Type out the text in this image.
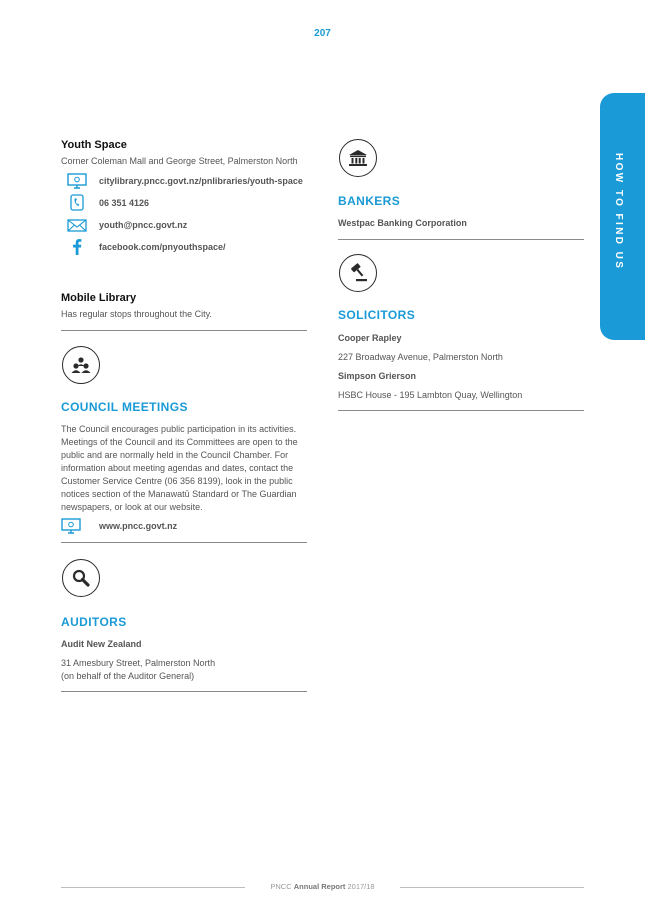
207
HOW TO FIND US
Youth Space
Corner Coleman Mall and George Street, Palmerston North
citylibrary.pncc.govt.nz/pnlibraries/youth-space
06 351 4126
youth@pncc.govt.nz
facebook.com/pnyouthspace/
Mobile Library
Has regular stops throughout the City.
COUNCIL MEETINGS
The Council encourages public participation in its activities.
Meetings of the Council and its Committees are open to the
public and are normally held in the Council Chamber. For
information about meeting agendas and dates, contact the
Customer Service Centre (06 356 8199), look in the public
notices section of the Manawatū Standard or The Guardian
newspapers, or look at our website.
www.pncc.govt.nz
AUDITORS
Audit New Zealand
31 Amesbury Street, Palmerston North
(on behalf of the Auditor General)
BANKERS
Westpac Banking Corporation
SOLICITORS
Cooper Rapley
227 Broadway Avenue, Palmerston North
Simpson Grierson
HSBC House - 195 Lambton Quay, Wellington
PNCC Annual Report 2017/18
